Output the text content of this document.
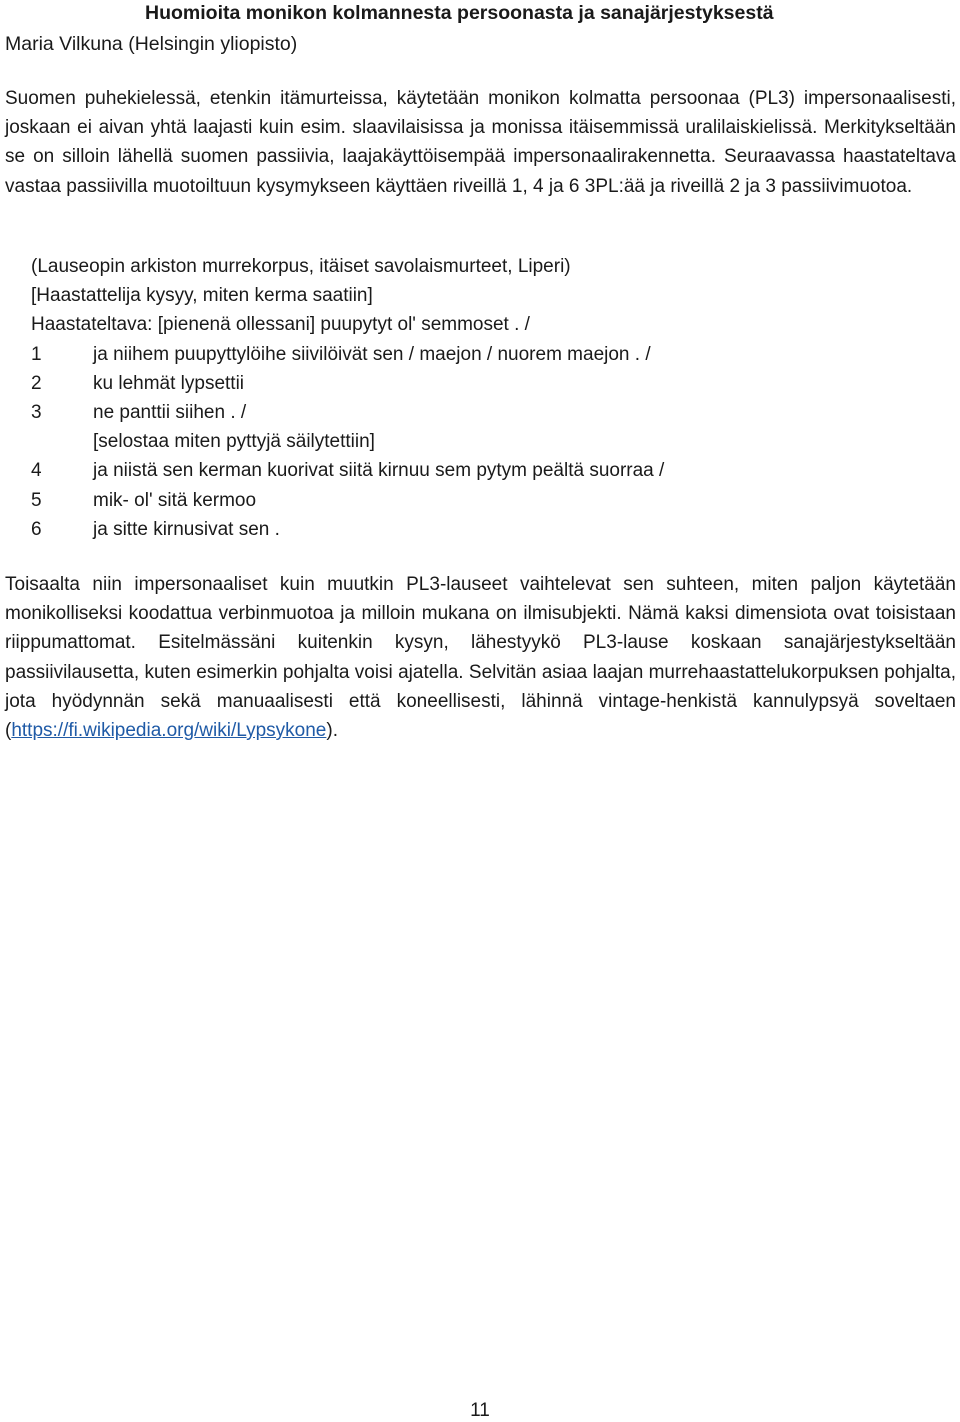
Huomioita monikon kolmannesta persoonasta ja sanajärjestyksestä
Maria Vilkuna (Helsingin yliopisto)
Suomen puhekielessä, etenkin itämurteissa, käytetään monikon kolmatta persoonaa (PL3) impersonaalisesti, joskaan ei aivan yhtä laajasti kuin esim. slaavilaisissa ja monissa itäisemmissä uralilaiskielissä. Merkitykseltään se on silloin lähellä suomen passiivia, laajakäyttöisempää impersonaalirakennetta. Seuraavassa haastateltava vastaa passiivilla muotoiltuun kysymykseen käyttäen riveillä 1, 4 ja 6 3PL:ää ja riveillä 2 ja 3 passiivimuotoa.
(Lauseopin arkiston murrekorpus, itäiset savolaismurteet, Liperi)
[Haastattelija kysyy, miten kerma saatiin]
Haastateltava: [pienenä ollessani] puupytyt ol' semmoset . /
1	ja niihem puupyttylöihe siivilöivät sen / maejon / nuorem maejon . /
2	ku lehmät lypsettii
3	ne panttii siihen . /
[selostaa miten pyttyjä säilytettiin]
4	ja niistä sen kerman kuorivat siitä kirnuu sem pytym peältä suorraa /
5	mik- ol' sitä kermoo
6	ja sitte kirnusivat sen .
Toisaalta niin impersonaaliset kuin muutkin PL3-lauseet vaihtelevat sen suhteen, miten paljon käytetään monikolliseksi koodattua verbinmuotoa ja milloin mukana on ilmisubjekti. Nämä kaksi dimensiota ovat toisistaan riippumattomat. Esitelmässäni kuitenkin kysyn, lähestyykö PL3-lause koskaan sanajärjestykseltään passiivilausetta, kuten esimerkin pohjalta voisi ajatella. Selvitän asiaa laajan murrehaastattelukorpuksen pohjalta, jota hyödynnän sekä manuaalisesti että koneellisesti, lähinnä vintage-henkistä kannulypsyä soveltaen (https://fi.wikipedia.org/wiki/Lypsykone).
11
